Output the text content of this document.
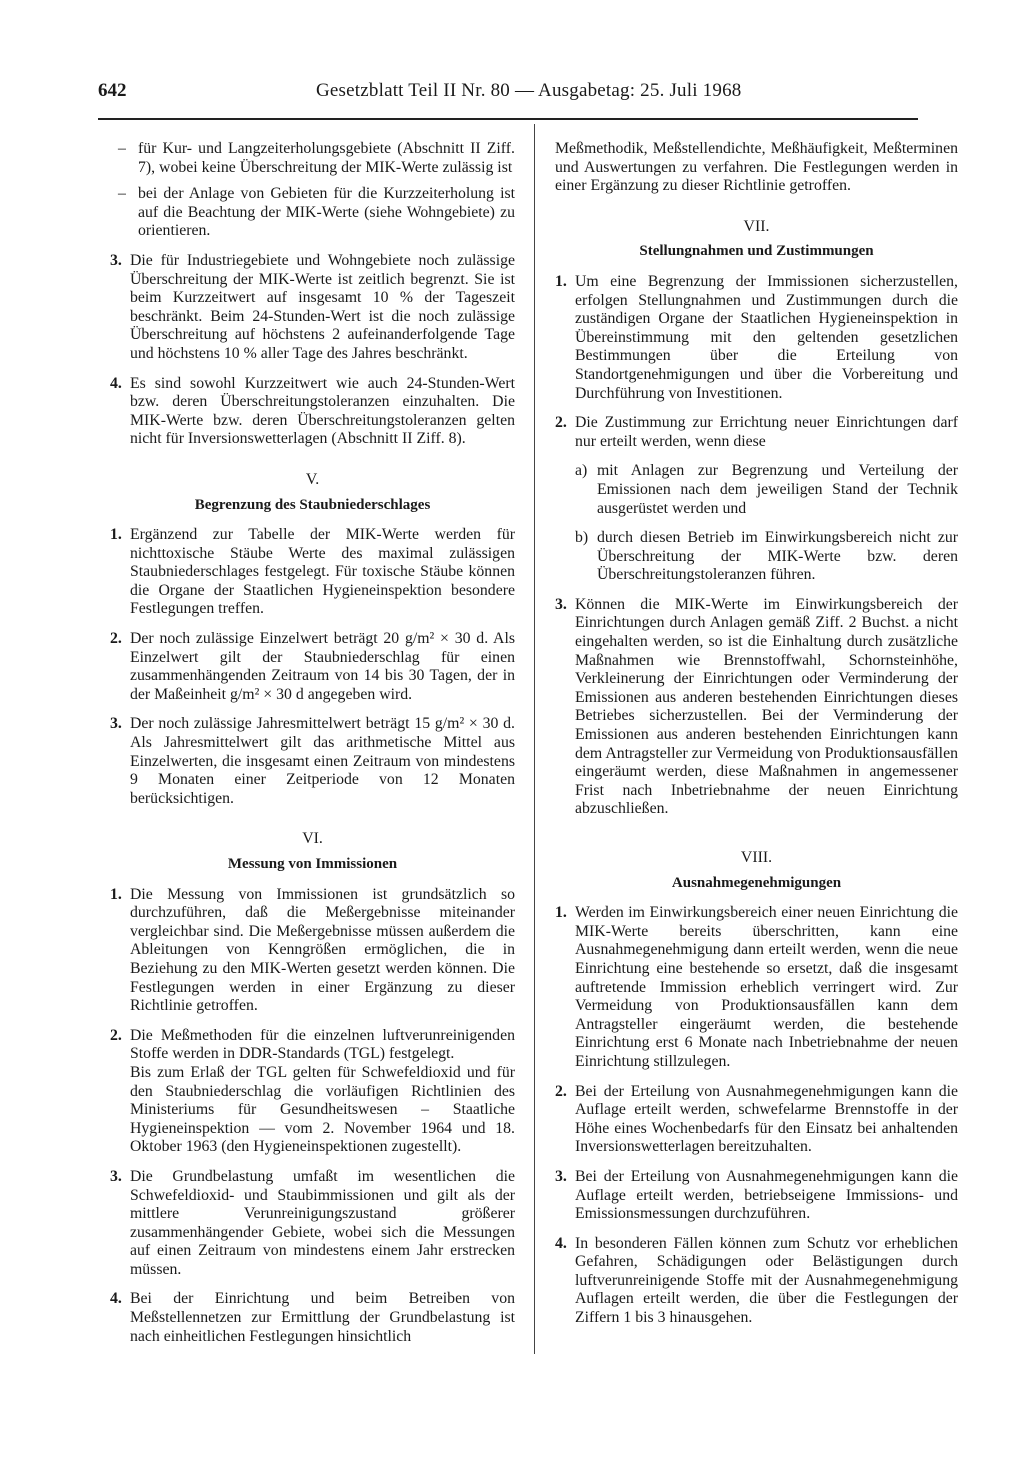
642	Gesetzblatt Teil II Nr. 80 — Ausgabetag: 25. Juli 1968
– für Kur- und Langzeiterholungsgebiete (Abschnitt II Ziff. 7), wobei keine Überschreitung der MIK-Werte zulässig ist
– bei der Anlage von Gebieten für die Kurzzeiterholung ist auf die Beachtung der MIK-Werte (siehe Wohngebiete) zu orientieren.
3. Die für Industriegebiete und Wohngebiete noch zulässige Überschreitung der MIK-Werte ist zeitlich begrenzt. Sie ist beim Kurzzeitwert auf insgesamt 10 % der Tageszeit beschränkt. Beim 24-Stunden-Wert ist die noch zulässige Überschreitung auf höchstens 2 aufeinanderfolgende Tage und höchstens 10 % aller Tage des Jahres beschränkt.
4. Es sind sowohl Kurzzeitwert wie auch 24-Stunden-Wert bzw. deren Überschreitungstoleranzen einzuhalten. Die MIK-Werte bzw. deren Überschreitungstoleranzen gelten nicht für Inversionswetterlagen (Abschnitt II Ziff. 8).
V.
Begrenzung des Staubniederschlages
1. Ergänzend zur Tabelle der MIK-Werte werden für nichttoxische Stäube Werte des maximal zulässigen Staubniederschlages festgelegt. Für toxische Stäube können die Organe der Staatlichen Hygieneinspektion besondere Festlegungen treffen.
2. Der noch zulässige Einzelwert beträgt 20 g/m² × 30 d. Als Einzelwert gilt der Staubniederschlag für einen zusammenhängenden Zeitraum von 14 bis 30 Tagen, der in der Maßeinheit g/m² × 30 d angegeben wird.
3. Der noch zulässige Jahresmittelwert beträgt 15 g/m² × 30 d. Als Jahresmittelwert gilt das arithmetische Mittel aus Einzelwerten, die insgesamt einen Zeitraum von mindestens 9 Monaten einer Zeitperiode von 12 Monaten berücksichtigen.
VI.
Messung von Immissionen
1. Die Messung von Immissionen ist grundsätzlich so durchzuführen, daß die Meßergebnisse miteinander vergleichbar sind. Die Meßergebnisse müssen außerdem die Ableitungen von Kenngrößen ermöglichen, die in Beziehung zu den MIK-Werten gesetzt werden können. Die Festlegungen werden in einer Ergänzung zu dieser Richtlinie getroffen.
2. Die Meßmethoden für die einzelnen luftverunreinigenden Stoffe werden in DDR-Standards (TGL) festgelegt.
Bis zum Erlaß der TGL gelten für Schwefeldioxid und für den Staubniederschlag die vorläufigen Richtlinien des Ministeriums für Gesundheitswesen – Staatliche Hygieneinspektion — vom 2. November 1964 und 18. Oktober 1963 (den Hygieneinspektionen zugestellt).
3. Die Grundbelastung umfaßt im wesentlichen die Schwefeldioxid- und Staubimmissionen und gilt als der mittlere Verunreinigungszustand größerer zusammenhängender Gebiete, wobei sich die Messungen auf einen Zeitraum von mindestens einem Jahr erstrecken müssen.
4. Bei der Einrichtung und beim Betreiben von Meßstellennetzen zur Ermittlung der Grundbelastung ist nach einheitlichen Festlegungen hinsichtlich
Meßmethodik, Meßstellendichte, Meßhäufigkeit, Meßterminen und Auswertungen zu verfahren. Die Festlegungen werden in einer Ergänzung zu dieser Richtlinie getroffen.
VII.
Stellungnahmen und Zustimmungen
1. Um eine Begrenzung der Immissionen sicherzustellen, erfolgen Stellungnahmen und Zustimmungen durch die zuständigen Organe der Staatlichen Hygieneinspektion in Übereinstimmung mit den geltenden gesetzlichen Bestimmungen über die Erteilung von Standortgenehmigungen und über die Vorbereitung und Durchführung von Investitionen.
2. Die Zustimmung zur Errichtung neuer Einrichtungen darf nur erteilt werden, wenn diese
a) mit Anlagen zur Begrenzung und Verteilung der Emissionen nach dem jeweiligen Stand der Technik ausgerüstet werden und
b) durch diesen Betrieb im Einwirkungsbereich nicht zur Überschreitung der MIK-Werte bzw. deren Überschreitungstoleranzen führen.
3. Können die MIK-Werte im Einwirkungsbereich der Einrichtungen durch Anlagen gemäß Ziff. 2 Buchst. a nicht eingehalten werden, so ist die Einhaltung durch zusätzliche Maßnahmen wie Brennstoffwahl, Schornsteinhöhe, Verkleinerung der Einrichtungen oder Verminderung der Emissionen aus anderen bestehenden Einrichtungen dieses Betriebes sicherzustellen. Bei der Verminderung der Emissionen aus anderen bestehenden Einrichtungen kann dem Antragsteller zur Vermeidung von Produktionsausfällen eingeräumt werden, diese Maßnahmen in angemessener Frist nach Inbetriebnahme der neuen Einrichtung abzuschließen.
VIII.
Ausnahmegenehmigungen
1. Werden im Einwirkungsbereich einer neuen Einrichtung die MIK-Werte bereits überschritten, kann eine Ausnahmegenehmigung dann erteilt werden, wenn die neue Einrichtung eine bestehende so ersetzt, daß die insgesamt auftretende Immission erheblich verringert wird. Zur Vermeidung von Produktionsausfällen kann dem Antragsteller eingeräumt werden, die bestehende Einrichtung erst 6 Monate nach Inbetriebnahme der neuen Einrichtung stillzulegen.
2. Bei der Erteilung von Ausnahmegenehmigungen kann die Auflage erteilt werden, schwefelarme Brennstoffe in der Höhe eines Wochenbedarfs für den Einsatz bei anhaltenden Inversionswetterlagen bereitzuhalten.
3. Bei der Erteilung von Ausnahmegenehmigungen kann die Auflage erteilt werden, betriebseigene Immissions- und Emissionsmessungen durchzuführen.
4. In besonderen Fällen können zum Schutz vor erheblichen Gefahren, Schädigungen oder Belästigungen durch luftverunreinigende Stoffe mit der Ausnahmegenehmigung Auflagen erteilt werden, die über die Festlegungen der Ziffern 1 bis 3 hinausgehen.
